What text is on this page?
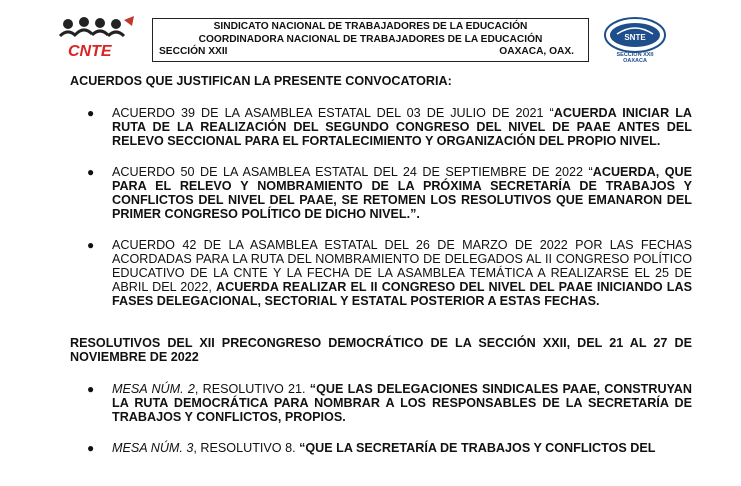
CNTE
SINDICATO NACIONAL DE TRABAJADORES DE LA EDUCACIÓN
COORDINADORA NACIONAL DE TRABAJADORES DE LA EDUCACIÓN
SECCIÓN XXII	OAXACA, OAX.
SNTE
SECCIÓN XXII
OAXACA

ACUERDOS QUE JUSTIFICAN LA PRESENTE CONVOCATORIA:

● ACUERDO 39 DE LA ASAMBLEA ESTATAL DEL 03 DE JULIO DE 2021 “ACUERDA INICIAR LA RUTA DE LA REALIZACIÓN DEL SEGUNDO CONGRESO DEL NIVEL DE PAAE ANTES DEL RELEVO SECCIONAL PARA EL FORTALECIMIENTO Y ORGANIZACIÓN DEL PROPIO NIVEL.
● ACUERDO 50 DE LA ASAMBLEA ESTATAL DEL 24 DE SEPTIEMBRE DE 2022 “ACUERDA, QUE PARA EL RELEVO Y NOMBRAMIENTO DE LA PRÓXIMA SECRETARÍA DE TRABAJOS Y CONFLICTOS DEL NIVEL DEL PAAE, SE RETOMEN LOS RESOLUTIVOS QUE EMANARON DEL PRIMER CONGRESO POLÍTICO DE DICHO NIVEL.”.
● ACUERDO 42 DE LA ASAMBLEA ESTATAL DEL 26 DE MARZO DE 2022 POR LAS FECHAS ACORDADAS PARA LA RUTA DEL NOMBRAMIENTO DE DELEGADOS AL II CONGRESO POLÍTICO EDUCATIVO DE LA CNTE Y LA FECHA DE LA ASAMBLEA TEMÁTICA A REALIZARSE EL 25 DE ABRIL DEL 2022, ACUERDA REALIZAR EL II CONGRESO DEL NIVEL DEL PAAE INICIANDO LAS FASES DELEGACIONAL, SECTORIAL Y ESTATAL POSTERIOR A ESTAS FECHAS.

RESOLUTIVOS DEL XII PRECONGRESO DEMOCRÁTICO DE LA SECCIÓN XXII, DEL 21 AL 27 DE NOVIEMBRE DE 2022

● MESA NÚM. 2, RESOLUTIVO 21. “QUE LAS DELEGACIONES SINDICALES PAAE, CONSTRUYAN LA RUTA DEMOCRÁTICA PARA NOMBRAR A LOS RESPONSABLES DE LA SECRETARÍA DE TRABAJOS Y CONFLICTOS, PROPIOS.
● MESA NÚM. 3, RESOLUTIVO 8. “QUE LA SECRETARÍA DE TRABAJOS Y CONFLICTOS DEL
